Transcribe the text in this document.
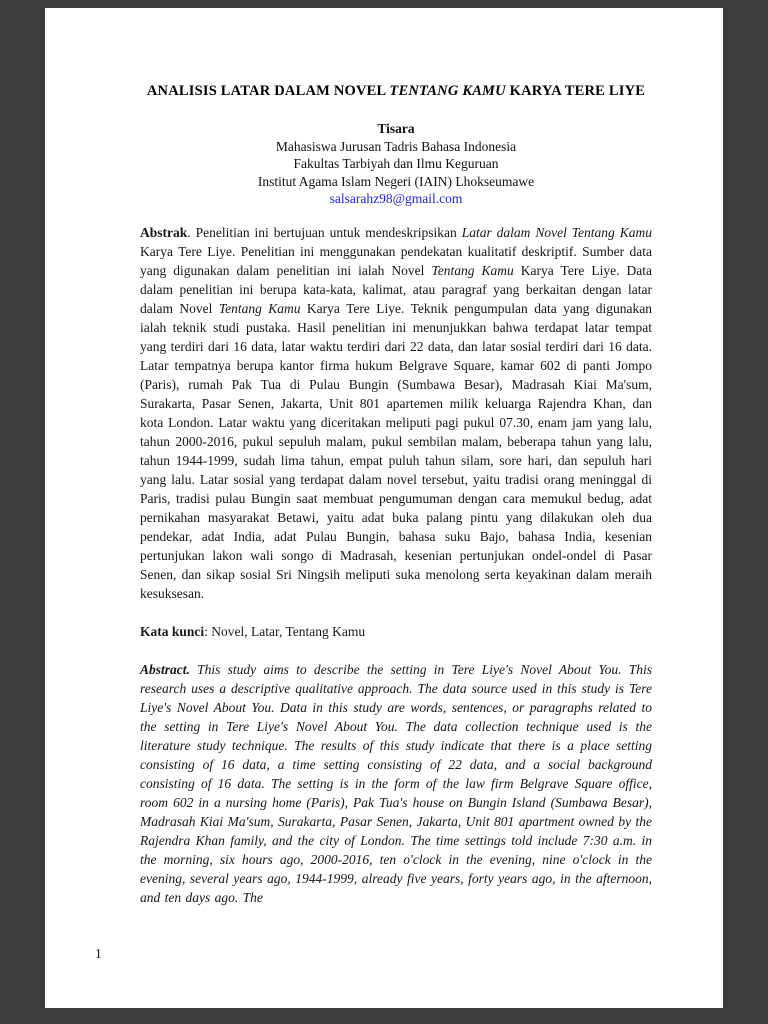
ANALISIS LATAR DALAM NOVEL TENTANG KAMU KARYA TERE LIYE
Tisara
Mahasiswa Jurusan Tadris Bahasa Indonesia
Fakultas Tarbiyah dan Ilmu Keguruan
Institut Agama Islam Negeri (IAIN) Lhokseumawe
salsarahz98@gmail.com
Abstrak. Penelitian ini bertujuan untuk mendeskripsikan Latar dalam Novel Tentang Kamu Karya Tere Liye. Penelitian ini menggunakan pendekatan kualitatif deskriptif. Sumber data yang digunakan dalam penelitian ini ialah Novel Tentang Kamu Karya Tere Liye. Data dalam penelitian ini berupa kata-kata, kalimat, atau paragraf yang berkaitan dengan latar dalam Novel Tentang Kamu Karya Tere Liye. Teknik pengumpulan data yang digunakan ialah teknik studi pustaka. Hasil penelitian ini menunjukkan bahwa terdapat latar tempat yang terdiri dari 16 data, latar waktu terdiri dari 22 data, dan latar sosial terdiri dari 16 data. Latar tempatnya berupa kantor firma hukum Belgrave Square, kamar 602 di panti Jompo (Paris), rumah Pak Tua di Pulau Bungin (Sumbawa Besar), Madrasah Kiai Ma'sum, Surakarta, Pasar Senen, Jakarta, Unit 801 apartemen milik keluarga Rajendra Khan, dan kota London. Latar waktu yang diceritakan meliputi pagi pukul 07.30, enam jam yang lalu, tahun 2000-2016, pukul sepuluh malam, pukul sembilan malam, beberapa tahun yang lalu, tahun 1944-1999, sudah lima tahun, empat puluh tahun silam, sore hari, dan sepuluh hari yang lalu. Latar sosial yang terdapat dalam novel tersebut, yaitu tradisi orang meninggal di Paris, tradisi pulau Bungin saat membuat pengumuman dengan cara memukul bedug, adat pernikahan masyarakat Betawi, yaitu adat buka palang pintu yang dilakukan oleh dua pendekar, adat India, adat Pulau Bungin, bahasa suku Bajo, bahasa India, kesenian pertunjukan lakon wali songo di Madrasah, kesenian pertunjukan ondel-ondel di Pasar Senen, dan sikap sosial Sri Ningsih meliputi suka menolong serta keyakinan dalam meraih kesuksesan.
Kata kunci: Novel, Latar, Tentang Kamu
Abstract. This study aims to describe the setting in Tere Liye's Novel About You. This research uses a descriptive qualitative approach. The data source used in this study is Tere Liye's Novel About You. Data in this study are words, sentences, or paragraphs related to the setting in Tere Liye's Novel About You. The data collection technique used is the literature study technique. The results of this study indicate that there is a place setting consisting of 16 data, a time setting consisting of 22 data, and a social background consisting of 16 data. The setting is in the form of the law firm Belgrave Square office, room 602 in a nursing home (Paris), Pak Tua's house on Bungin Island (Sumbawa Besar), Madrasah Kiai Ma'sum, Surakarta, Pasar Senen, Jakarta, Unit 801 apartment owned by the Rajendra Khan family, and the city of London. The time settings told include 7:30 a.m. in the morning, six hours ago, 2000-2016, ten o'clock in the evening, nine o'clock in the evening, several years ago, 1944-1999, already five years, forty years ago, in the afternoon, and ten days ago. The
1
